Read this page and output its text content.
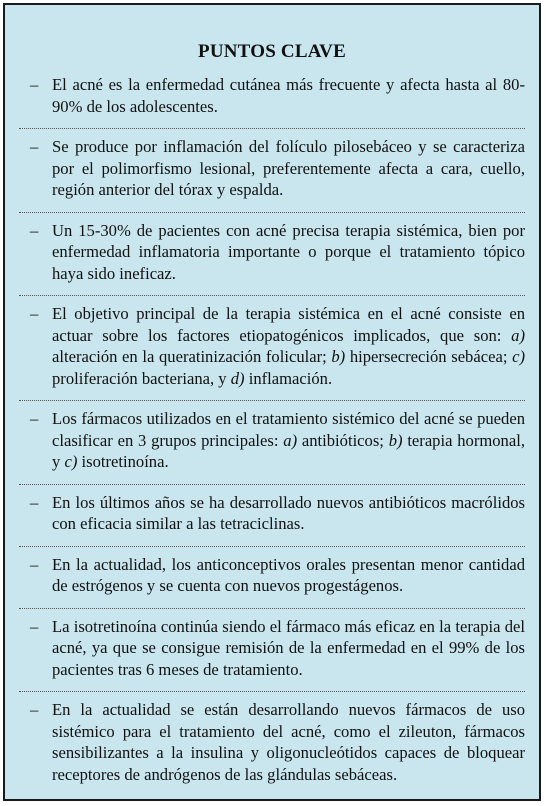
PUNTOS CLAVE
– El acné es la enfermedad cutánea más frecuente y afecta hasta al 80-90% de los adolescentes.
– Se produce por inflamación del folículo pilosebáceo y se caracteriza por el polimorfismo lesional, preferentemente afecta a cara, cuello, región anterior del tórax y espalda.
– Un 15-30% de pacientes con acné precisa terapia sistémica, bien por enfermedad inflamatoria importante o porque el tratamiento tópico haya sido ineficaz.
– El objetivo principal de la terapia sistémica en el acné consiste en actuar sobre los factores etiopatogénicos implicados, que son: a) alteración en la queratinización folicular; b) hipersecreción sebácea; c) proliferación bacteriana, y d) inflamación.
– Los fármacos utilizados en el tratamiento sistémico del acné se pueden clasificar en 3 grupos principales: a) antibióticos; b) terapia hormonal, y c) isotretinoína.
– En los últimos años se ha desarrollado nuevos antibióticos macrólidos con eficacia similar a las tetraciclinas.
– En la actualidad, los anticonceptivos orales presentan menor cantidad de estrógenos y se cuenta con nuevos progestágenos.
– La isotretinoína continúa siendo el fármaco más eficaz en la terapia del acné, ya que se consigue remisión de la enfermedad en el 99% de los pacientes tras 6 meses de tratamiento.
– En la actualidad se están desarrollando nuevos fármacos de uso sistémico para el tratamiento del acné, como el zileuton, fármacos sensibilizantes a la insulina y oligonucleótidos capaces de bloquear receptores de andrógenos de las glándulas sebáceas.
